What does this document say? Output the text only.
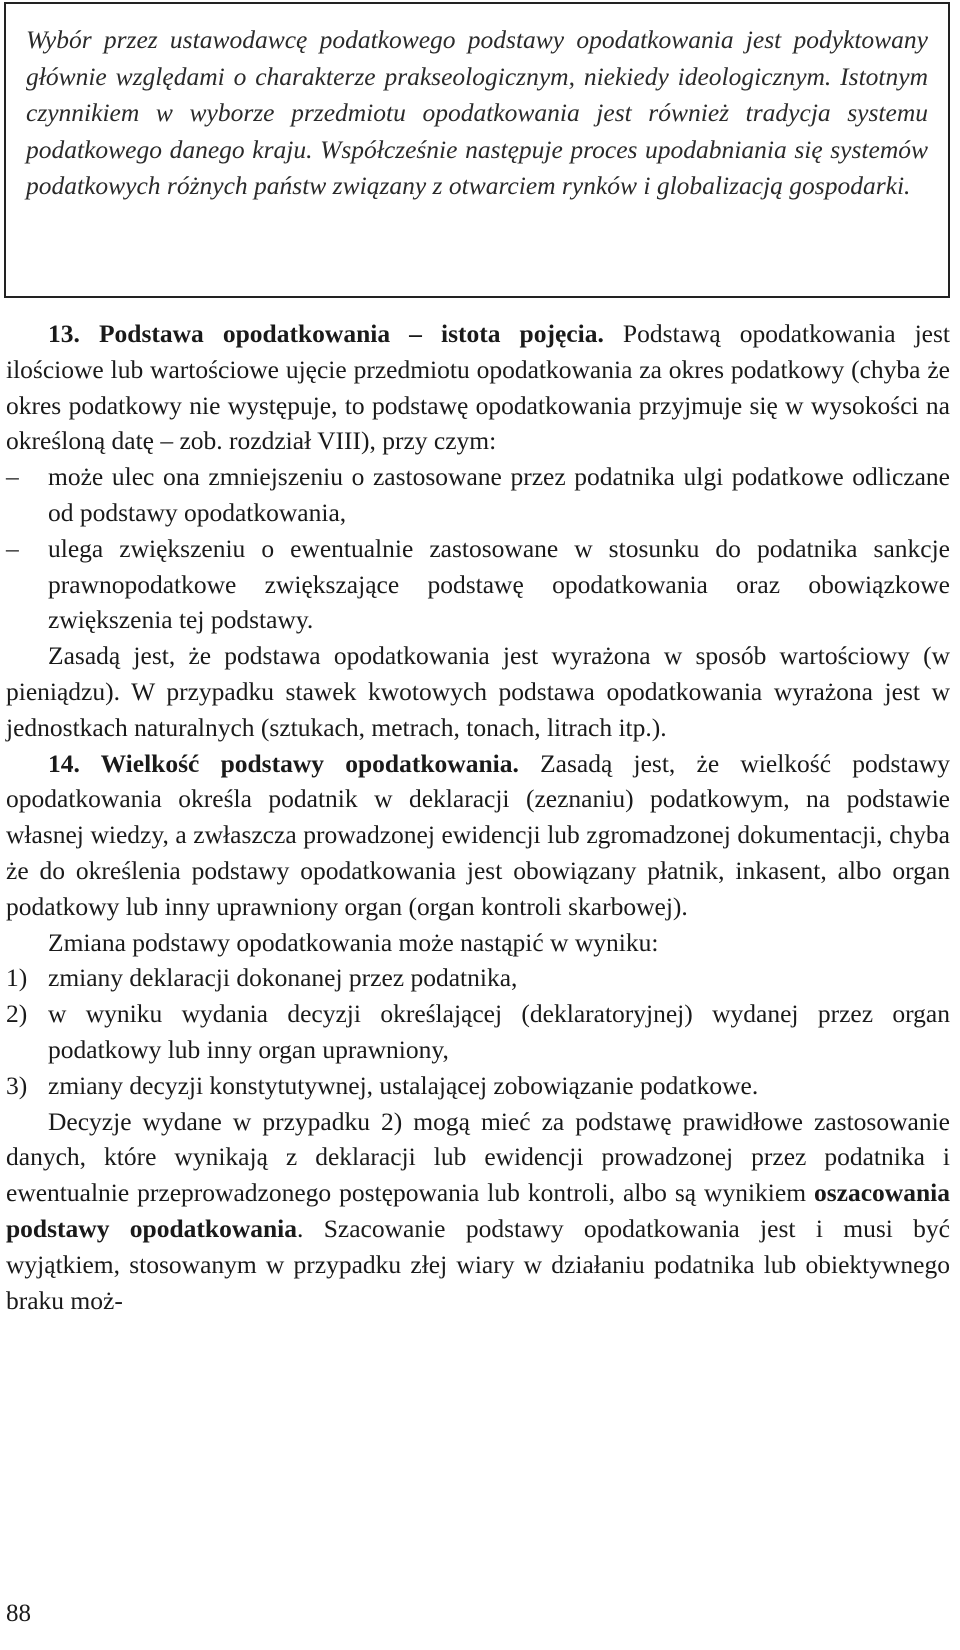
Wybór przez ustawodawcę podatkowego podstawy opodatkowania jest podyktowany głównie względami o charakterze prakseologicznym, niekiedy ideologicznym. Istotnym czynnikiem w wyborze przedmiotu opodatkowania jest również tradycja systemu podatkowego danego kraju. Współcześnie następuje proces upodabniania się systemów podatkowych różnych państw związany z otwarciem rynków i globalizacją gospodarki.

13. Podstawa opodatkowania – istota pojęcia. Podstawą opodatkowania jest ilościowe lub wartościowe ujęcie przedmiotu opodatkowania za okres podatkowy (chyba że okres podatkowy nie występuje, to podstawę opodatkowania przyjmuje się w wysokości na określoną datę – zob. rozdział VIII), przy czym:

–	może ulec ona zmniejszeniu o zastosowane przez podatnika ulgi podatkowe odliczane od podstawy opodatkowania,
–	ulega zwiększeniu o ewentualnie zastosowane w stosunku do podatnika sankcje prawnopodatkowe zwiększające podstawę opodatkowania oraz obowiązkowe zwiększenia tej podstawy.

Zasadą jest, że podstawa opodatkowania jest wyrażona w sposób wartościowy (w pieniądzu). W przypadku stawek kwotowych podstawa opodatkowania wyrażona jest w jednostkach naturalnych (sztukach, metrach, tonach, litrach itp.).

14. Wielkość podstawy opodatkowania. Zasadą jest, że wielkość podstawy opodatkowania określa podatnik w deklaracji (zeznaniu) podatkowym, na podstawie własnej wiedzy, a zwłaszcza prowadzonej ewidencji lub zgromadzonej dokumentacji, chyba że do określenia podstawy opodatkowania jest obowiązany płatnik, inkasent, albo organ podatkowy lub inny uprawniony organ (organ kontroli skarbowej).

Zmiana podstawy opodatkowania może nastąpić w wyniku:

1) zmiany deklaracji dokonanej przez podatnika,
2) w wyniku wydania decyzji określającej (deklaratoryjnej) wydanej przez organ podatkowy lub inny organ uprawniony,
3) zmiany decyzji konstytutywnej, ustalającej zobowiązanie podatkowe.

Decyzje wydane w przypadku 2) mogą mieć za podstawę prawidłowe zastosowanie danych, które wynikają z deklaracji lub ewidencji prowadzonej przez podatnika i ewentualnie przeprowadzonego postępowania lub kontroli, albo są wynikiem oszacowania podstawy opodatkowania. Szacowanie podstawy opodatkowania jest i musi być wyjątkiem, stosowanym w przypadku złej wiary w działaniu podatnika lub obiektywnego braku moż-

88
